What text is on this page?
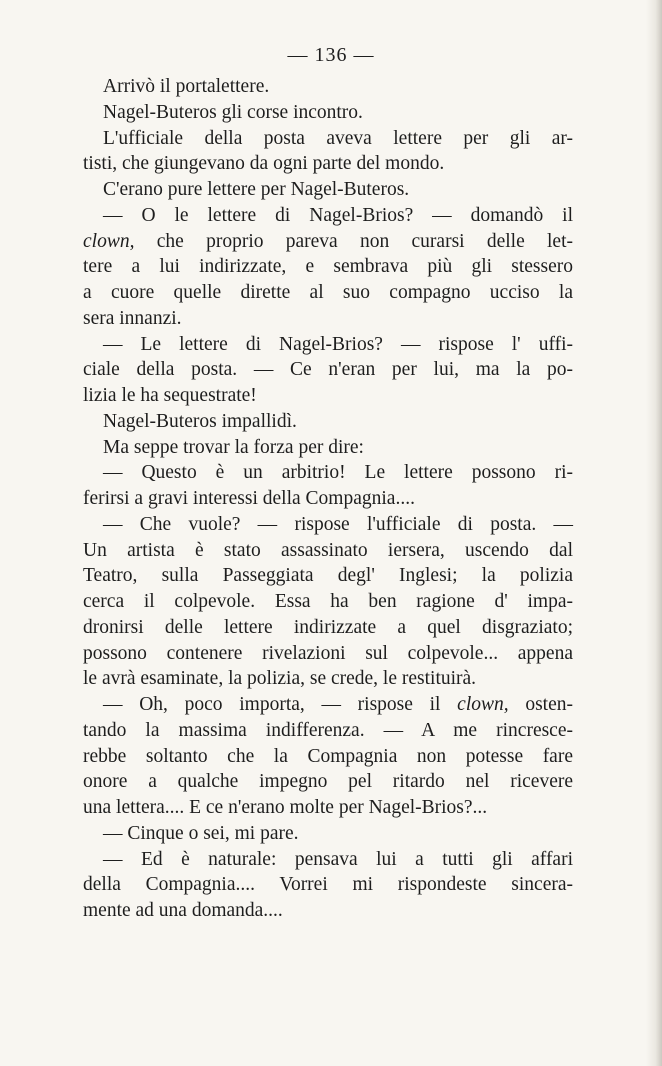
— 136 —
Arrivò il portalettere.
Nagel-Buteros gli corse incontro.
L'ufficiale della posta aveva lettere per gli ar-
tisti, che giungevano da ogni parte del mondo.
C'erano pure lettere per Nagel-Buteros.
— O le lettere di Nagel-Brios? — domandò il
clown, che proprio pareva non curarsi delle let-
tere a lui indirizzate, e sembrava più gli stessero
a cuore quelle dirette al suo compagno ucciso la
sera innanzi.
— Le lettere di Nagel-Brios? — rispose l' uffi-
ciale della posta. — Ce n'eran per lui, ma la po-
lizia le ha sequestrate!
Nagel-Buteros impallidì.
Ma seppe trovar la forza per dire:
— Questo è un arbitrio! Le lettere possono ri-
ferirsi a gravi interessi della Compagnia....
— Che vuole? — rispose l'ufficiale di posta. —
Un artista è stato assassinato iersera, uscendo dal
Teatro, sulla Passeggiata degl' Inglesi; la polizia
cerca il colpevole. Essa ha ben ragione d' impa-
dronirsi delle lettere indirizzate a quel disgraziato;
possono contenere rivelazioni sul colpevole... appena
le avrà esaminate, la polizia, se crede, le restituirà.
— Oh, poco importa, — rispose il clown, osten-
tando la massima indifferenza. — A me rincresce-
rebbe soltanto che la Compagnia non potesse fare
onore a qualche impegno pel ritardo nel ricevere
una lettera.... E ce n'erano molte per Nagel-Brios?...
— Cinque o sei, mi pare.
— Ed è naturale: pensava lui a tutti gli affari
della Compagnia.... Vorrei mi rispondeste sincera-
mente ad una domanda....
